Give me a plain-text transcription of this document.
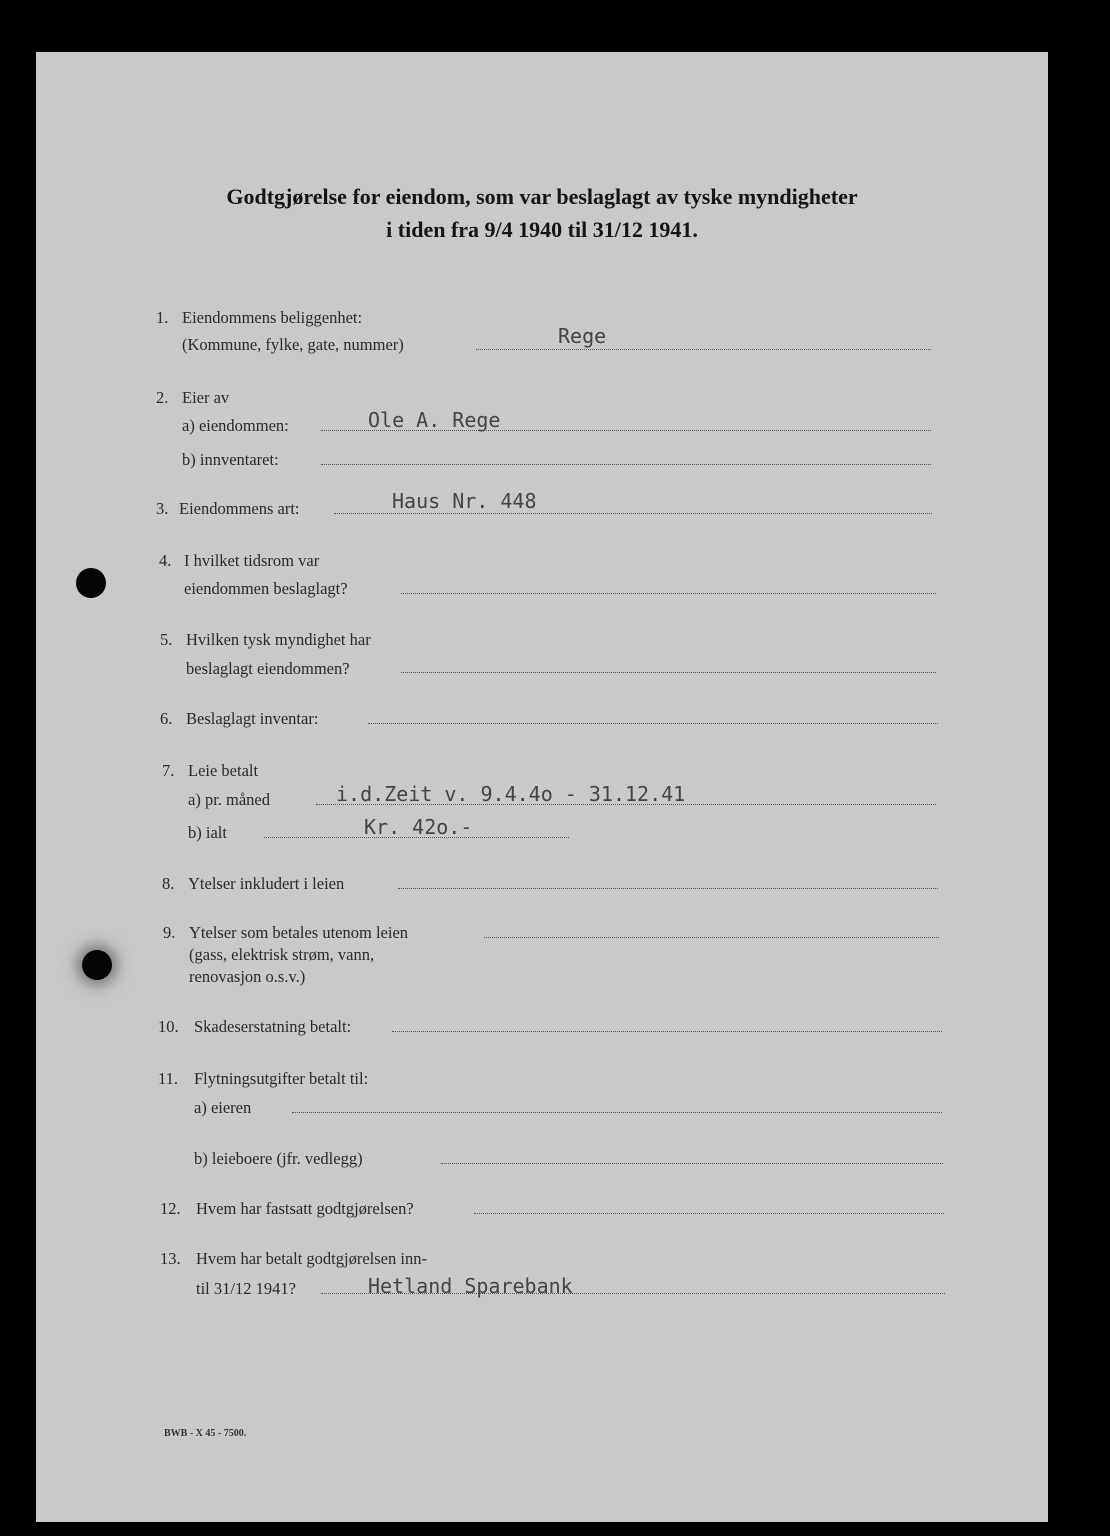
Godtgjørelse for eiendom, som var beslaglagt av tyske myndigheter
i tiden fra 9/4 1940 til 31/12 1941.
1. Eiendommens beliggenhet:
(Kommune, fylke, gate, nummer)	Rege
2. Eier av
a) eiendommen:	Ole A. Rege
b) innventaret:
3. Eiendommens art:	Haus Nr. 448
4. I hvilket tidsrom var
eiendommen beslaglagt?
5. Hvilken tysk myndighet har
beslaglagt eiendommen?
6. Beslaglagt inventar:
7. Leie betalt
a) pr. måned	i.d.Zeit v. 9.4.4o - 31.12.41
b) ialt	Kr. 42o.-
8. Ytelser inkludert i leien
9. Ytelser som betales utenom leien
(gass, elektrisk strøm, vann,
renovasjon o.s.v.)
10. Skadeserstatning betalt:
11. Flytningsutgifter betalt til:
a) eieren
b) leieboere (jfr. vedlegg)
12. Hvem har fastsatt godtgjørelsen?
13. Hvem har betalt godtgjørelsen inn-
til 31/12 1941?	Hetland Sparebank
BWB - X 45 - 7500.
